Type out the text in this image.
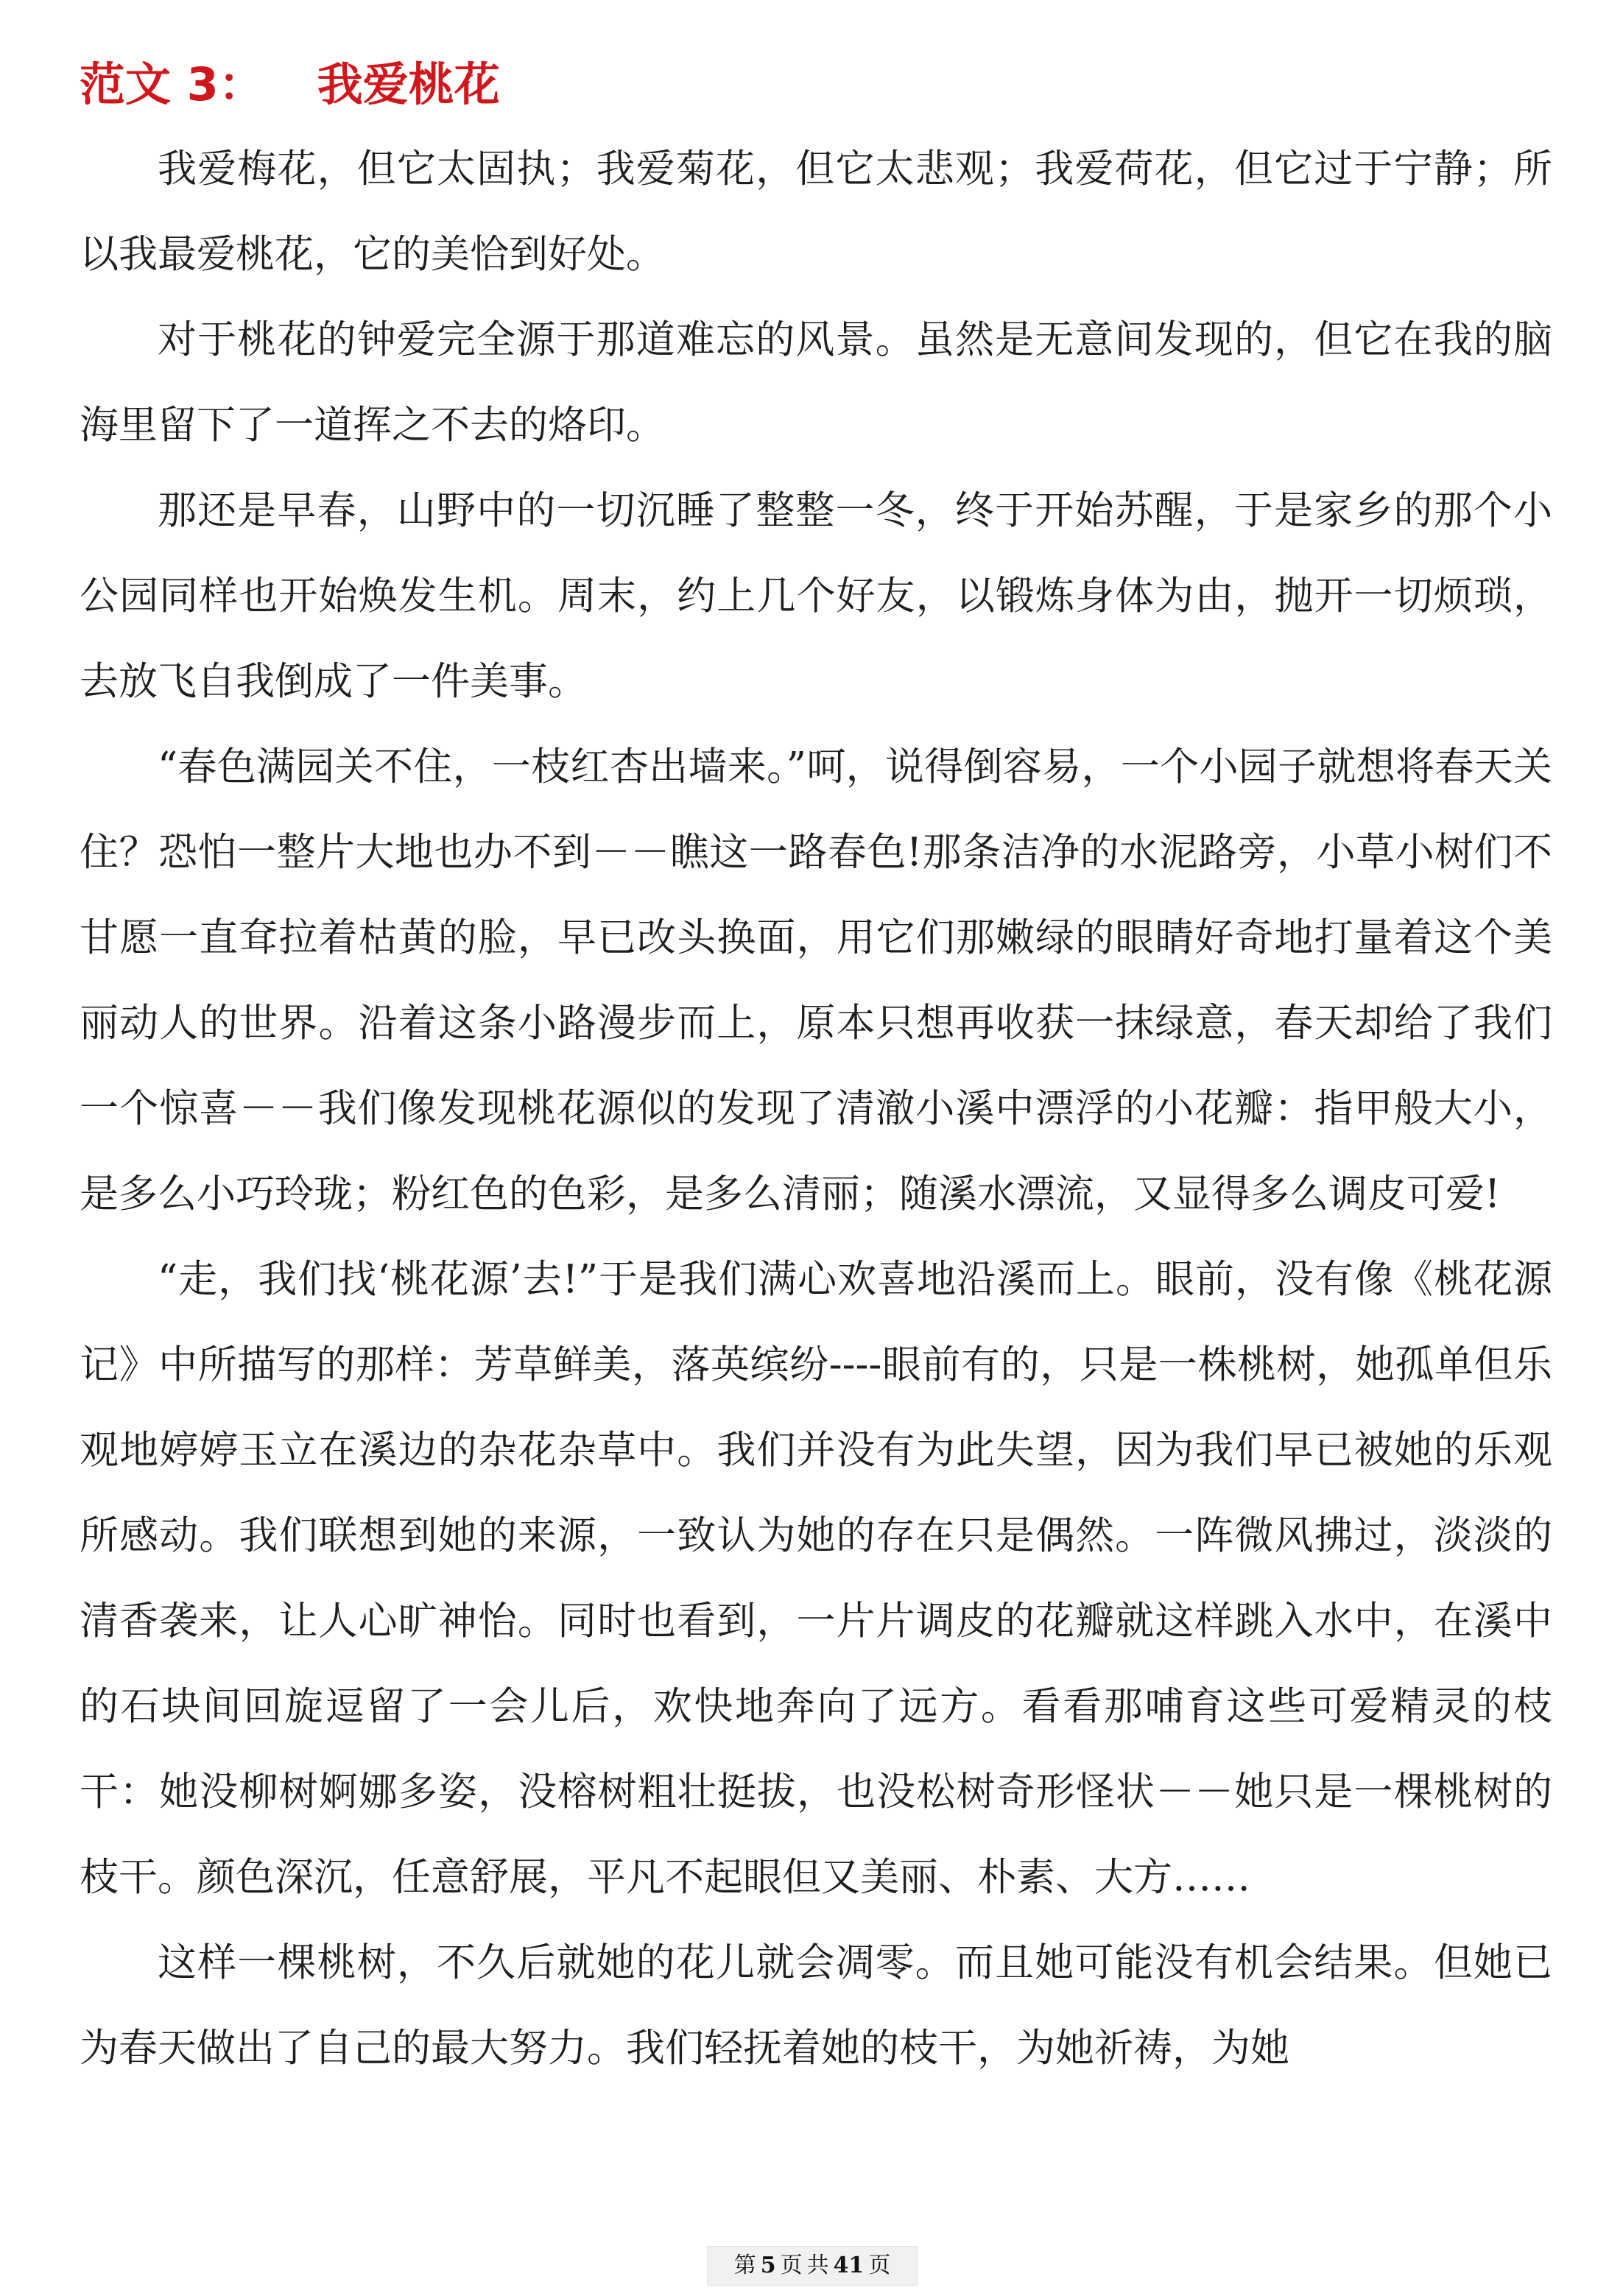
范文 3： 我爱桃花

我爱梅花，但它太固执；我爱菊花，但它太悲观；我爱荷花，但它过于宁静；所以我最爱桃花，它的美恰到好处。

对于桃花的钟爱完全源于那道难忘的风景。虽然是无意间发现的，但它在我的脑海里留下了一道挥之不去的烙印。

那还是早春，山野中的一切沉睡了整整一冬，终于开始苏醒，于是家乡的那个小公园同样也开始焕发生机。周末，约上几个好友，以锻炼身体为由，抛开一切烦琐，去放飞自我倒成了一件美事。

“春色满园关不住，一枝红杏出墙来。”呵，说得倒容易，一个小园子就想将春天关住？恐怕一整片大地也办不到－－瞧这一路春色!那条洁净的水泥路旁，小草小树们不甘愿一直耷拉着枯黄的脸，早已改头换面，用它们那嫩绿的眼睛好奇地打量着这个美丽动人的世界。沿着这条小路漫步而上，原本只想再收获一抹绿意，春天却给了我们一个惊喜－－我们像发现桃花源似的发现了清澈小溪中漂浮的小花瓣：指甲般大小，是多么小巧玲珑；粉红色的色彩，是多么清丽；随溪水漂流，又显得多么调皮可爱!

“走，我们找‘桃花源’去!”于是我们满心欢喜地沿溪而上。眼前，没有像《桃花源记》中所描写的那样：芳草鲜美，落英缤纷----眼前有的，只是一株桃树，她孤单但乐观地婷婷玉立在溪边的杂花杂草中。我们并没有为此失望，因为我们早已被她的乐观所感动。我们联想到她的来源，一致认为她的存在只是偶然。一阵微风拂过，淡淡的清香袭来，让人心旷神怡。同时也看到，一片片调皮的花瓣就这样跳入水中，在溪中的石块间回旋逗留了一会儿后，欢快地奔向了远方。看看那哺育这些可爱精灵的枝干：她没柳树婀娜多姿，没榕树粗壮挺拔，也没松树奇形怪状－－她只是一棵桃树的枝干。颜色深沉，任意舒展，平凡不起眼但又美丽、朴素、大方……

这样一棵桃树，不久后就她的花儿就会凋零。而且她可能没有机会结果。但她已为春天做出了自己的最大努力。我们轻抚着她的枝干，为她祈祷，为她

第 5 页 共 41 页
